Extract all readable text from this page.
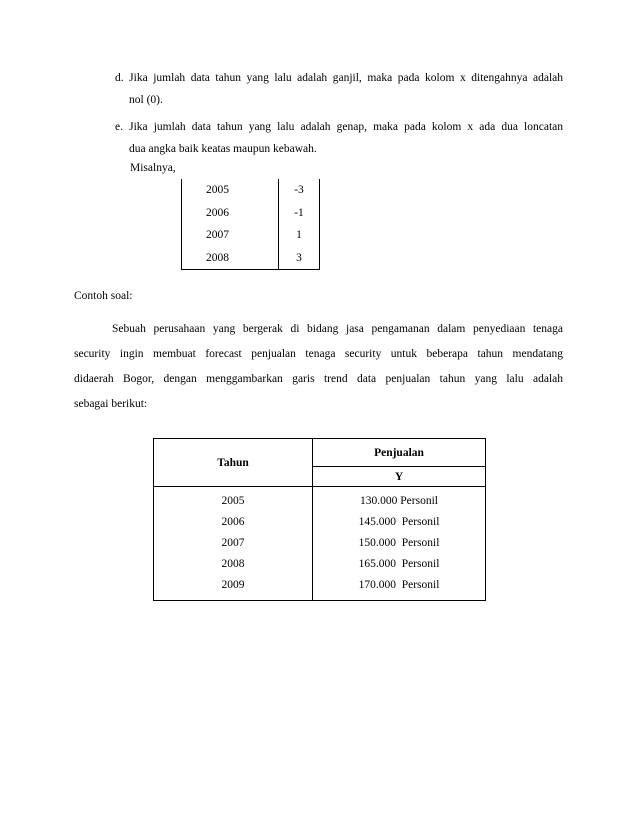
d. Jika jumlah data tahun yang lalu adalah ganjil, maka pada kolom x ditengahnya adalah
nol (0).
e. Jika jumlah data tahun yang lalu adalah genap, maka pada kolom x ada dua loncatan
dua angka baik keatas maupun kebawah.
Misalnya,
2005	-3
2006	-1
2007	1
2008	3
Contoh soal:
Sebuah perusahaan yang bergerak di bidang jasa pengamanan dalam penyediaan tenaga
security ingin membuat forecast penjualan tenaga security untuk beberapa tahun mendatang
didaerah Bogor, dengan menggambarkan garis trend data penjualan tahun yang lalu adalah
sebagai berikut:
Tahun	Penjualan
	Y
2005	130.000 Personil
2006	145.000  Personil
2007	150.000  Personil
2008	165.000  Personil
2009	170.000  Personil
